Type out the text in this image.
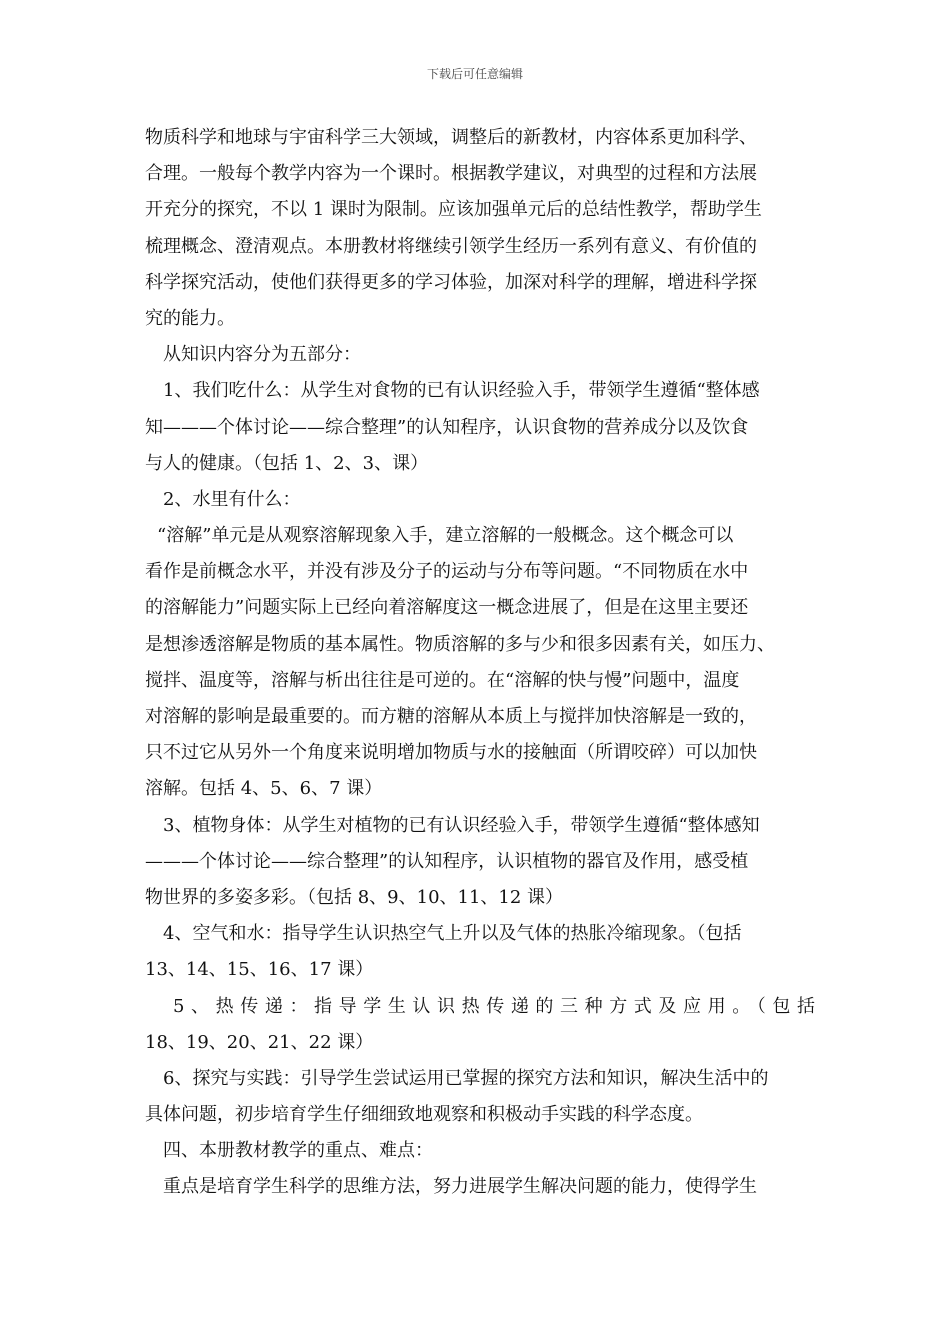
下载后可任意编辑
物质科学和地球与宇宙科学三大领域，调整后的新教材，内容体系更加科学、
合理。一般每个教学内容为一个课时。根据教学建议，对典型的过程和方法展
开充分的探究，不以 1 课时为限制。应该加强单元后的总结性教学，帮助学生
梳理概念、澄清观点。本册教材将继续引领学生经历一系列有意义、有价值的
科学探究活动，使他们获得更多的学习体验，加深对科学的理解，增进科学探
究的能力。
从知识内容分为五部分：
1、我们吃什么：从学生对食物的已有认识经验入手，带领学生遵循“整体感
知———个体讨论——综合整理”的认知程序，认识食物的营养成分以及饮食
与人的健康。（包括 1、2、3、课）
2、水里有什么：
“溶解”单元是从观察溶解现象入手，建立溶解的一般概念。这个概念可以
看作是前概念水平，并没有涉及分子的运动与分布等问题。“不同物质在水中
的溶解能力”问题实际上已经向着溶解度这一概念进展了，但是在这里主要还
是想渗透溶解是物质的基本属性。物质溶解的多与少和很多因素有关，如压力、
搅拌、温度等，溶解与析出往往是可逆的。在“溶解的快与慢”问题中，温度
对溶解的影响是最重要的。而方糖的溶解从本质上与搅拌加快溶解是一致的，
只不过它从另外一个角度来说明增加物质与水的接触面（所谓咬碎）可以加快
溶解。包括 4、5、6、7 课）
3、植物身体：从学生对植物的已有认识经验入手，带领学生遵循“整体感知
———个体讨论——综合整理”的认知程序，认识植物的器官及作用，感受植
物世界的多姿多彩。（包括 8、9、10、11、12 课）
4、空气和水：指导学生认识热空气上升以及气体的热胀冷缩现象。（包括
13、14、15、16、17 课）
5、热传递：指导学生认识热传递的三种方式及应用。（包括
18、19、20、21、22 课）
6、探究与实践：引导学生尝试运用已掌握的探究方法和知识，解决生活中的
具体问题，初步培育学生仔细细致地观察和积极动手实践的科学态度。
四、本册教材教学的重点、难点：
重点是培育学生科学的思维方法，努力进展学生解决问题的能力，使得学生
